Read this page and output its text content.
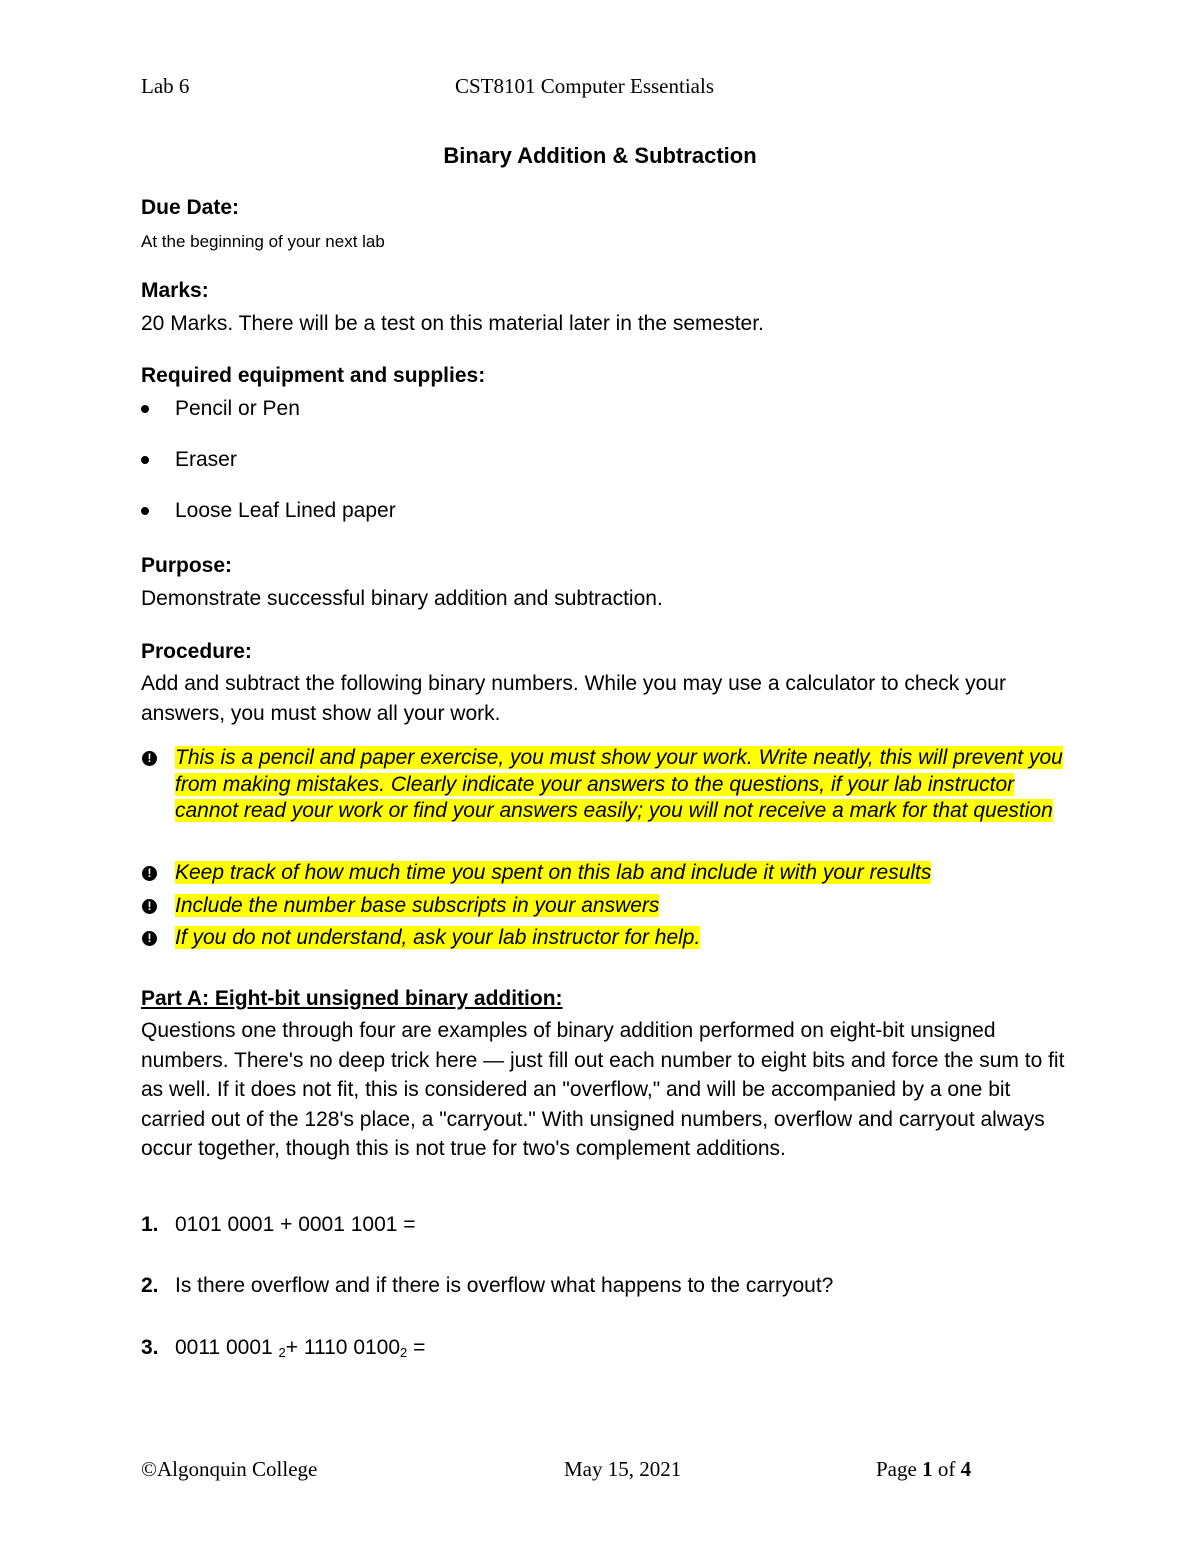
Lab 6	CST8101 Computer Essentials
Binary Addition & Subtraction
Due Date:
At the beginning of your next lab
Marks:
20 Marks. There will be a test on this material later in the semester.
Required equipment and supplies:
Pencil or Pen
Eraser
Loose Leaf Lined paper
Purpose:
Demonstrate successful binary addition and subtraction.
Procedure:
Add and subtract the following binary numbers. While you may use a calculator to check your answers, you must show all your work.
! This is a pencil and paper exercise, you must show your work. Write neatly, this will prevent you from making mistakes. Clearly indicate your answers to the questions, if your lab instructor cannot read your work or find your answers easily; you will not receive a mark for that question
! Keep track of how much time you spent on this lab and include it with your results
! Include the number base subscripts in your answers
! If you do not understand, ask your lab instructor for help.
Part A: Eight-bit unsigned binary addition:
Questions one through four are examples of binary addition performed on eight-bit unsigned numbers. There's no deep trick here — just fill out each number to eight bits and force the sum to fit as well. If it does not fit, this is considered an "overflow," and will be accompanied by a one bit carried out of the 128's place, a "carryout." With unsigned numbers, overflow and carryout always occur together, though this is not true for two's complement additions.
1. 0101 0001 + 0001 1001 =
2. Is there overflow and if there is overflow what happens to the carryout?
3. 0011 0001 $_2$+ 1110 $0100_2$ =
©Algonquin College	May 15, 2021	Page 1 of 4
